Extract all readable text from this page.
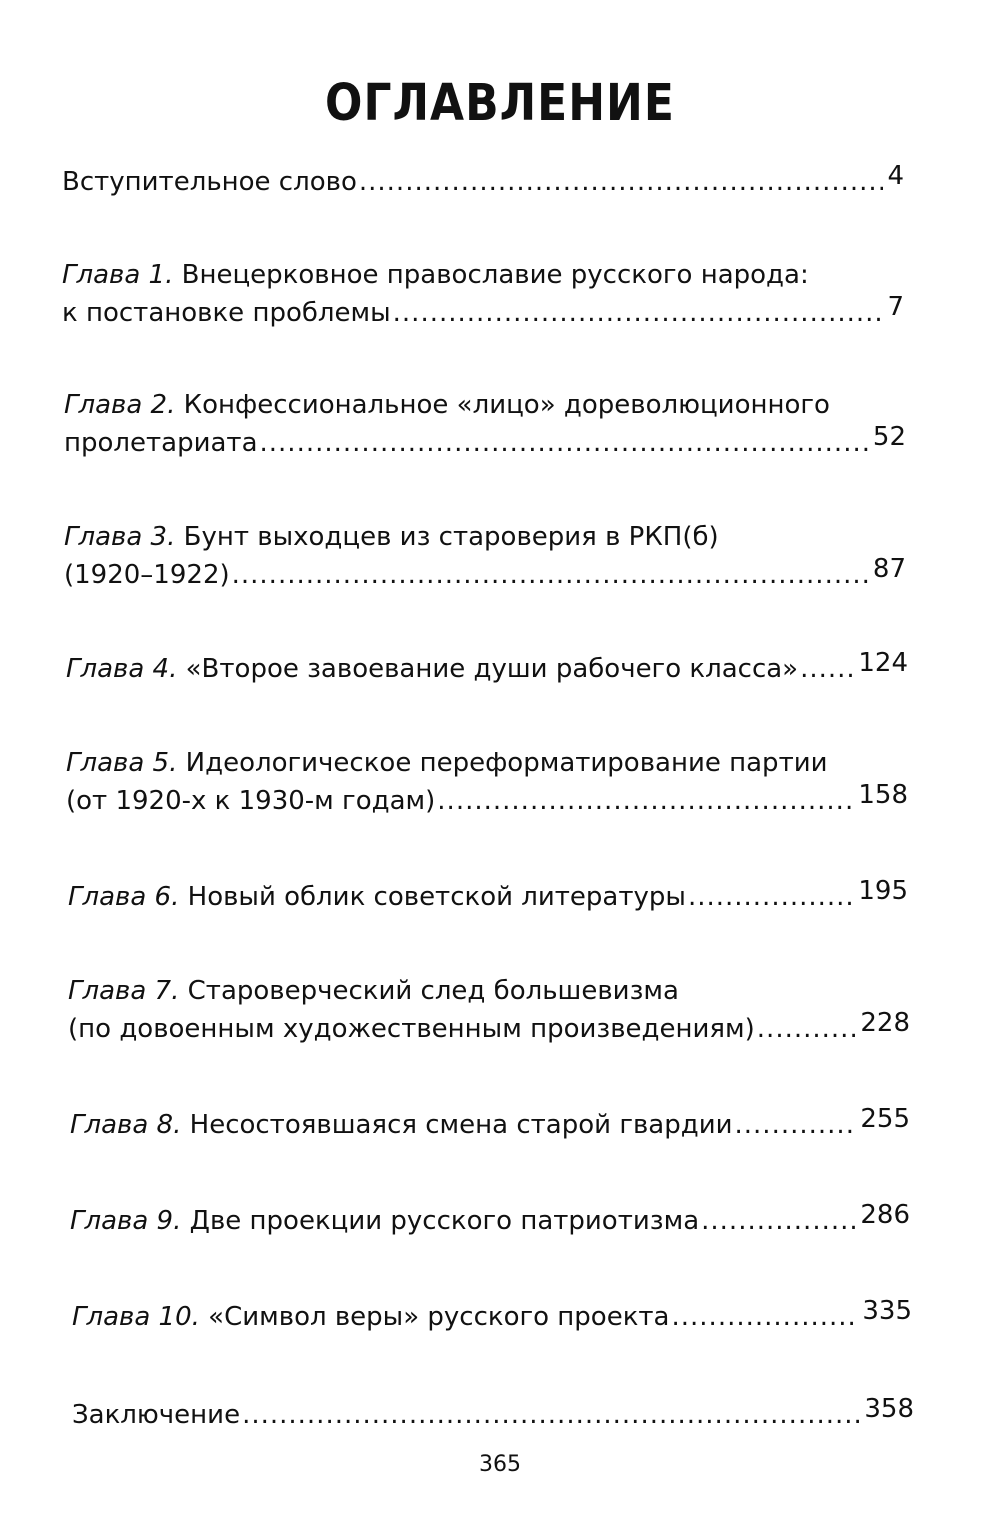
ОГЛАВЛЕНИЕ
Вступительное слово .....	4
Глава 1.
Внецерковное православие русского народа:
к постановке проблемы .....	7
Глава 2.
Конфессиональное «лицо» дореволюционного
пролетариата .....	52
Глава 3.
Бунт выходцев из староверия в РКП(б)
(1920–1922) .....	87
Глава 4.
«Второе завоевание души рабочего класса» ..... 124
Глава 5.
Идеологическое переформатирование партии
(от 1920-х к 1930-м годам) .....	158
Глава 6.
Новый облик советской литературы .....	195
Глава 7.
Староверческий след большевизма
(по довоенным художественным произведениям) .....	228
Глава 8.
Несостоявшаяся смена старой гвардии .....	255
Глава 9.
Две проекции русского патриотизма .....	286
Глава 10.
«Символ веры» русского проекта .....	335
Заключение .....	358
365
